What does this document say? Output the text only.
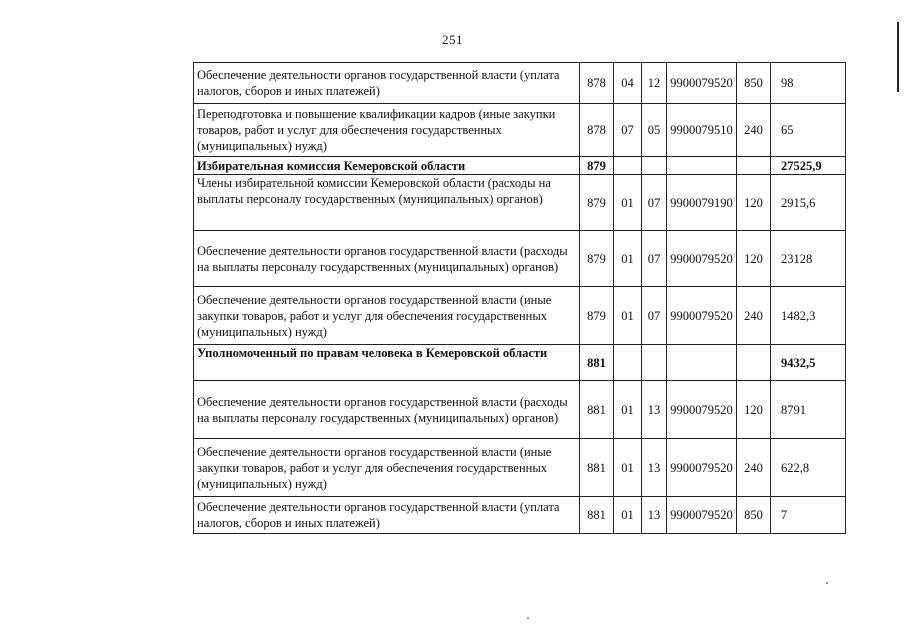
251
Обеспечение деятельности органов государственной власти (уплата налогов, сборов и иных платежей)	878	04	12	9900079520	850	98
Переподготовка и повышение квалификации кадров (иные закупки товаров, работ и услуг для обеспечения государственных (муниципальных) нужд)	878	07	05	9900079510	240	65
Избирательная комиссия Кемеровской области	879					27525,9
Члены избирательной комиссии Кемеровской области (расходы на выплаты персоналу государственных (муниципальных) органов)	879	01	07	9900079190	120	2915,6
Обеспечение деятельности органов государственной власти (расходы на выплаты персоналу государственных (муниципальных) органов)	879	01	07	9900079520	120	23128
Обеспечение деятельности органов государственной власти (иные закупки товаров, работ и услуг для обеспечения государственных (муниципальных) нужд)	879	01	07	9900079520	240	1482,3
Уполномоченный по правам человека в Кемеровской области	881					9432,5
Обеспечение деятельности органов государственной власти (расходы на выплаты персоналу государственных (муниципальных) органов)	881	01	13	9900079520	120	8791
Обеспечение деятельности органов государственной власти (иные закупки товаров, работ и услуг для обеспечения государственных (муниципальных) нужд)	881	01	13	9900079520	240	622,8
Обеспечение деятельности органов государственной власти (уплата налогов, сборов и иных платежей)	881	01	13	9900079520	850	7
